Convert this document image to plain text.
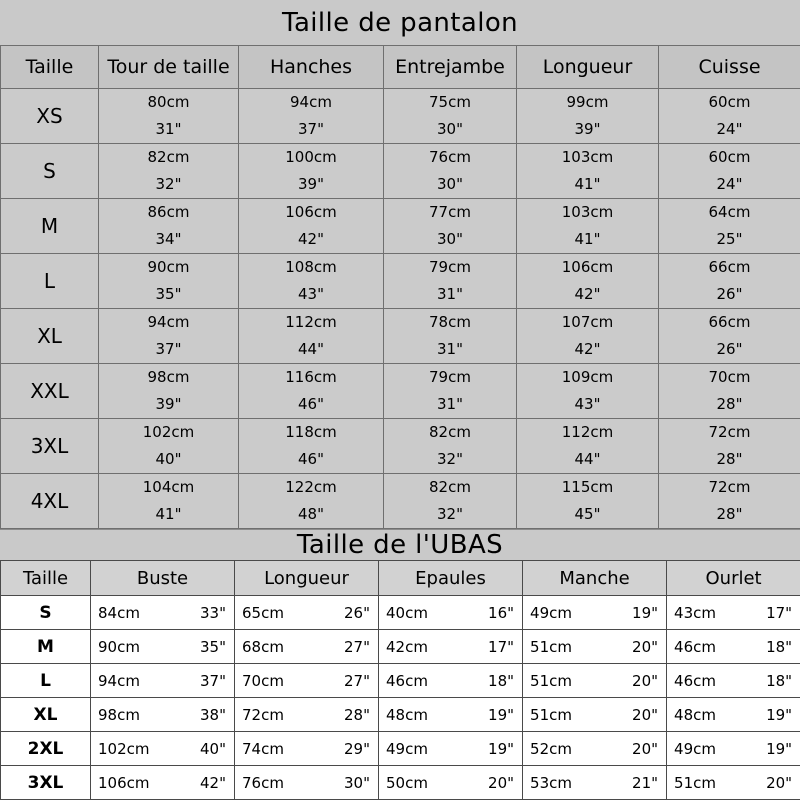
Taille de pantalon
Taille	Tour de taille	Hanches	Entrejambe	Longueur	Cuisse
XS	80cm	94cm	75cm	99cm	60cm
	31"	37"	30"	39"	24"
S	82cm	100cm	76cm	103cm	60cm
	32"	39"	30"	41"	24"
M	86cm	106cm	77cm	103cm	64cm
	34"	42"	30"	41"	25"
L	90cm	108cm	79cm	106cm	66cm
	35"	43"	31"	42"	26"
XL	94cm	112cm	78cm	107cm	66cm
	37"	44"	31"	42"	26"
XXL	98cm	116cm	79cm	109cm	70cm
	39"	46"	31"	43"	28"
3XL	102cm	118cm	82cm	112cm	72cm
	40"	46"	32"	44"	28"
4XL	104cm	122cm	82cm	115cm	72cm
	41"	48"	32"	45"	28"
Taille de l'UBAS
Taille	Buste		Longueur		Epaules		Manche		Ourlet	
S	84cm	33"	65cm	26"	40cm	16"	49cm	19"	43cm	17"
M	90cm	35"	68cm	27"	42cm	17"	51cm	20"	46cm	18"
L	94cm	37"	70cm	27"	46cm	18"	51cm	20"	46cm	18"
XL	98cm	38"	72cm	28"	48cm	19"	51cm	20"	48cm	19"
2XL	102cm	40"	74cm	29"	49cm	19"	52cm	20"	49cm	19"
3XL	106cm	42"	76cm	30"	50cm	20"	53cm	21"	51cm	20"
